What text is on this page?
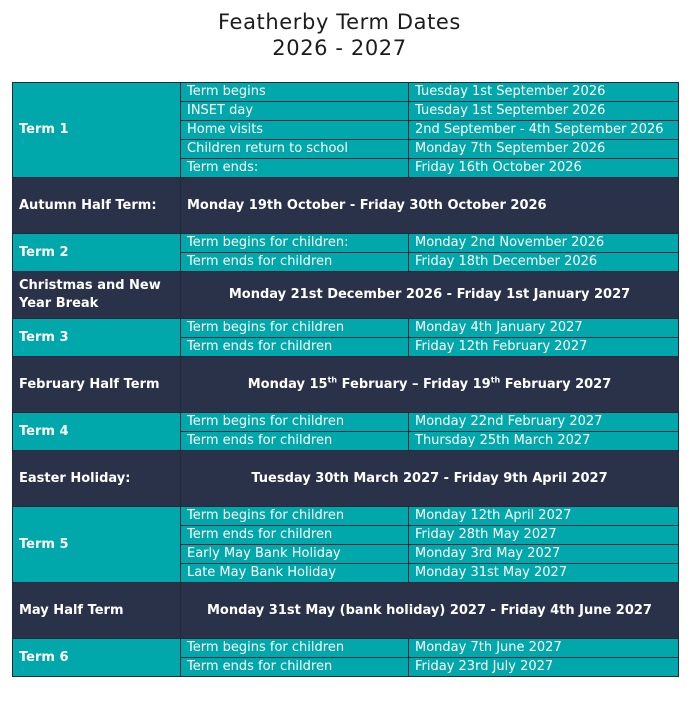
Featherby Term Dates
2026 - 2027
Term 1	Term begins	Tuesday 1st September 2026
	INSET day	Tuesday 1st September 2026
	Home visits	2nd September - 4th September 2026
	Children return to school	Monday 7th September 2026
	Term ends:	Friday 16th October 2026
Autumn Half Term:	Monday 19th October - Friday 30th October 2026	
Term 2	Term begins for children:	Monday 2nd November 2026
	Term ends for children	Friday 18th December 2026
Christmas and New Year Break	Monday 21st December 2026 - Friday 1st January 2027	
Term 3	Term begins for children	Monday 4th January 2027
	Term ends for children	Friday 12th February 2027
February Half Term	Monday 15th February – Friday 19th February 2027	
Term 4	Term begins for children	Monday 22nd February 2027
	Term ends for children	Thursday 25th March 2027
Easter Holiday:	Tuesday 30th March 2027 - Friday 9th April 2027	
Term 5	Term begins for children	Monday 12th April 2027
	Term ends for children	Friday 28th May 2027
	Early May Bank Holiday	Monday 3rd May 2027
	Late May Bank Holiday	Monday 31st May 2027
May Half Term	Monday 31st May (bank holiday) 2027 - Friday 4th June 2027	
Term 6	Term begins for children	Monday 7th June 2027
	Term ends for children	Friday 23rd July 2027
